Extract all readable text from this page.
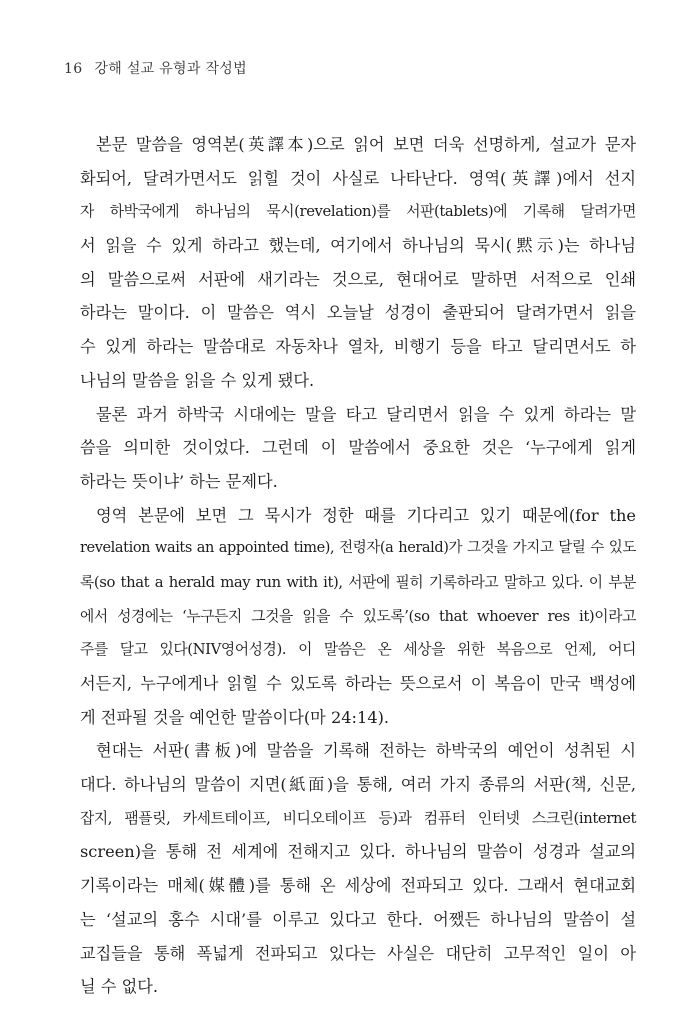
16 강해 설교 유형과 작성법
본문 말씀을 영역본(英譯本)으로 읽어 보면 더욱 선명하게, 설교가 문자
화되어, 달려가면서도 읽힐 것이 사실로 나타난다. 영역(英譯)에서 선지
자 하박국에게 하나님의 묵시(revelation)를 서판(tablets)에 기록해 달려가면
서 읽을 수 있게 하라고 했는데, 여기에서 하나님의 묵시(黙示)는 하나님
의 말씀으로써 서판에 새기라는 것으로, 현대어로 말하면 서적으로 인쇄
하라는 말이다. 이 말씀은 역시 오늘날 성경이 출판되어 달려가면서 읽을
수 있게 하라는 말씀대로 자동차나 열차, 비행기 등을 타고 달리면서도 하
나님의 말씀을 읽을 수 있게 됐다.
물론 과거 하박국 시대에는 말을 타고 달리면서 읽을 수 있게 하라는 말
씀을 의미한 것이었다. 그런데 이 말씀에서 중요한 것은 ‘누구에게 읽게
하라는 뜻이냐’ 하는 문제다.
영역 본문에 보면 그 묵시가 정한 때를 기다리고 있기 때문에(for the
revelation waits an appointed time), 전령자(a herald)가 그것을 가지고 달릴 수 있도
록(so that a herald may run with it), 서판에 필히 기록하라고 말하고 있다. 이 부분
에서 성경에는 ‘누구든지 그것을 읽을 수 있도록’(so that whoever res it)이라고
주를 달고 있다(NIV영어성경). 이 말씀은 온 세상을 위한 복음으로 언제, 어디
서든지, 누구에게나 읽힐 수 있도록 하라는 뜻으로서 이 복음이 만국 백성에
게 전파될 것을 예언한 말씀이다(마 24:14).
현대는 서판(書板)에 말씀을 기록해 전하는 하박국의 예언이 성취된 시
대다. 하나님의 말씀이 지면(紙面)을 통해, 여러 가지 종류의 서판(책, 신문,
잡지, 팸플릿, 카세트테이프, 비디오테이프 등)과 컴퓨터 인터넷 스크린(internet
screen)을 통해 전 세계에 전해지고 있다. 하나님의 말씀이 성경과 설교의
기록이라는 매체(媒體)를 통해 온 세상에 전파되고 있다. 그래서 현대교회
는 ‘설교의 홍수 시대’를 이루고 있다고 한다. 어쨌든 하나님의 말씀이 설
교집들을 통해 폭넓게 전파되고 있다는 사실은 대단히 고무적인 일이 아
닐 수 없다.
